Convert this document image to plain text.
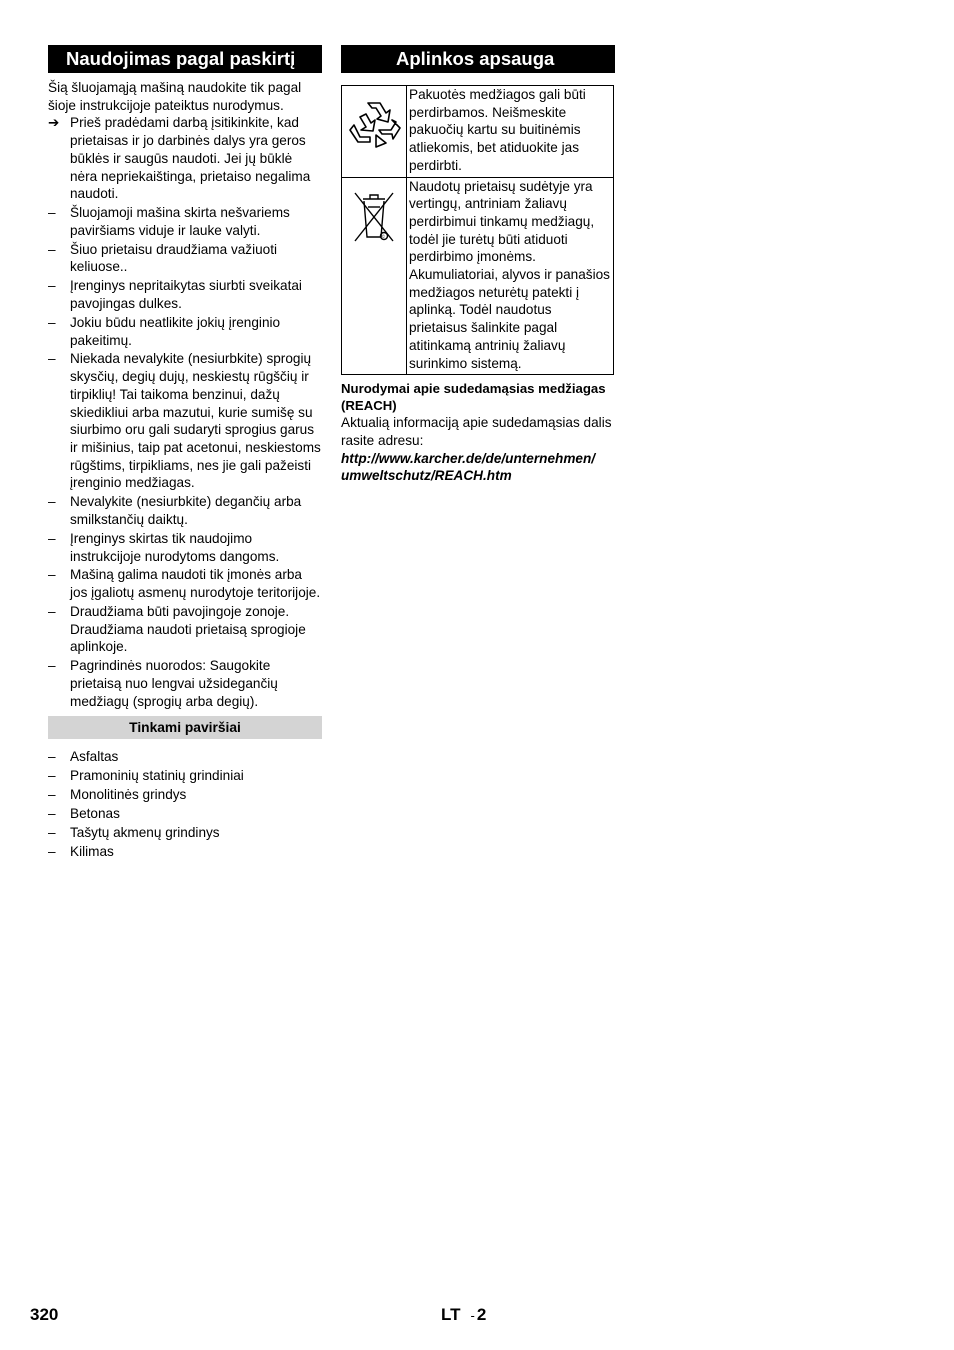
Naudojimas pagal paskirtį
Šią šluojamąją mašiną naudokite tik pagal šioje instrukcijoje pateiktus nurodymus.
➔ Prieš pradėdami darbą įsitikinkite, kad prietaisas ir jo darbinės dalys yra geros būklės ir saugūs naudoti. Jei jų būklė nėra nepriekaištinga, prietaiso negalima naudoti.
–	Šluojamoji mašina skirta nešvariems paviršiams viduje ir lauke valyti.
–	Šiuo prietaisu draudžiama važiuoti keliuose..
–	Įrenginys nepritaikytas siurbti sveikatai pavojingas dulkes.
–	Jokiu būdu neatlikite jokių įrenginio pakeitimų.
–	Niekada nevalykite (nesiurbkite) sprogių skysčių, degių dujų, neskiestų rūgščių ir tirpiklių! Tai taikoma benzinui, dažų skiedikliui arba mazutui, kurie sumišę su siurbimo oru gali sudaryti sprogius garus ir mišinius, taip pat acetonui, neskiestoms rūgštims, tirpikliams, nes jie gali pažeisti įrenginio medžiagas.
–	Nevalykite (nesiurbkite) degančių arba smilkstančių daiktų.
–	Įrenginys skirtas tik naudojimo instrukcijoje nurodytoms dangoms.
–	Mašiną galima naudoti tik įmonės arba jos įgaliotų asmenų nurodytoje teritorijoje.
–	Draudžiama būti pavojingoje zonoje. Draudžiama naudoti prietaisą sprogioje aplinkoje.
–	Pagrindinės nuorodos: Saugokite prietaisą nuo lengvai užsidegančių medžiagų (sprogių arba degių).
Tinkami paviršiai
–	Asfaltas
–	Pramoninių statinių grindiniai
–	Monolitinės grindys
–	Betonas
–	Tašytų akmenų grindinys
–	Kilimas
Aplinkos apsauga
	Pakuotės medžiagos gali būti perdirbamos. Neišmeskite pakuočių kartu su buitinėmis atliekomis, bet atiduokite jas perdirbti.

©	Naudotų prietaisų sudėtyje yra vertingų, antriniam žaliavų perdirbimui tinkamų medžiagų, todėl jie turėtų būti atiduoti perdirbimo įmonėms. Akumuliatoriai, alyvos ir panašios medžiagos neturėtų patekti į aplinką. Todėl naudotus prietaisus šalinkite pagal atitinkamą antrinių žaliavų surinkimo sistemą.
Nurodymai apie sudedamąsias medžiagas (REACH)
Aktualią informaciją apie sudedamąsias dalis rasite adresu:
http://www.karcher.de/de/unternehmen/
umweltschutz/REACH.htm
320	LT - 2
